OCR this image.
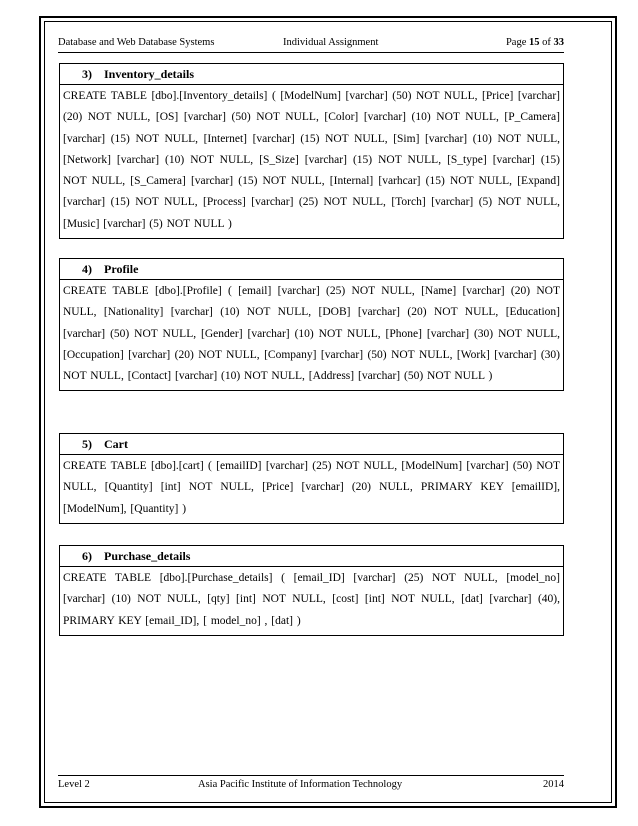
Database and Web Database Systems	Individual Assignment	Page 15 of 33
3) Inventory_details
CREATE TABLE [dbo].[Inventory_details] ( [ModelNum] [varchar] (50) NOT NULL, [Price] [varchar] (20) NOT NULL, [OS] [varchar] (50) NOT NULL, [Color] [varchar] (10) NOT NULL, [P_Camera] [varchar] (15) NOT NULL, [Internet] [varchar] (15) NOT NULL, [Sim] [varchar] (10) NOT NULL, [Network] [varchar] (10) NOT NULL, [S_Size] [varchar] (15) NOT NULL, [S_type] [varchar] (15) NOT NULL, [S_Camera] [varchar] (15) NOT NULL, [Internal] [varhcar] (15) NOT NULL, [Expand] [varchar] (15) NOT NULL, [Process] [varchar] (25) NOT NULL, [Torch] [varchar] (5) NOT NULL, [Music] [varchar] (5) NOT NULL )
4) Profile
CREATE TABLE [dbo].[Profile] ( [email] [varchar] (25) NOT NULL, [Name] [varchar] (20) NOT NULL, [Nationality] [varchar] (10) NOT NULL, [DOB] [varchar] (20) NOT NULL, [Education] [varchar] (50) NOT NULL, [Gender] [varchar] (10) NOT NULL, [Phone] [varchar] (30) NOT NULL, [Occupation] [varchar] (20) NOT NULL, [Company] [varchar] (50) NOT NULL, [Work] [varchar] (30) NOT NULL, [Contact] [varchar] (10) NOT NULL, [Address] [varchar] (50) NOT NULL )
5) Cart
CREATE TABLE [dbo].[cart] ( [emailID] [varchar] (25) NOT NULL, [ModelNum] [varchar] (50) NOT NULL, [Quantity] [int] NOT NULL, [Price] [varchar] (20) NULL, PRIMARY KEY [emailID], [ModelNum], [Quantity] )
6) Purchase_details
CREATE TABLE [dbo].[Purchase_details] ( [email_ID] [varchar] (25) NOT NULL, [model_no] [varchar] (10) NOT NULL, [qty] [int] NOT NULL, [cost] [int] NOT NULL, [dat] [varchar] (40), PRIMARY KEY [email_ID], [ model_no] , [dat] )
Level 2	Asia Pacific Institute of Information Technology	2014
